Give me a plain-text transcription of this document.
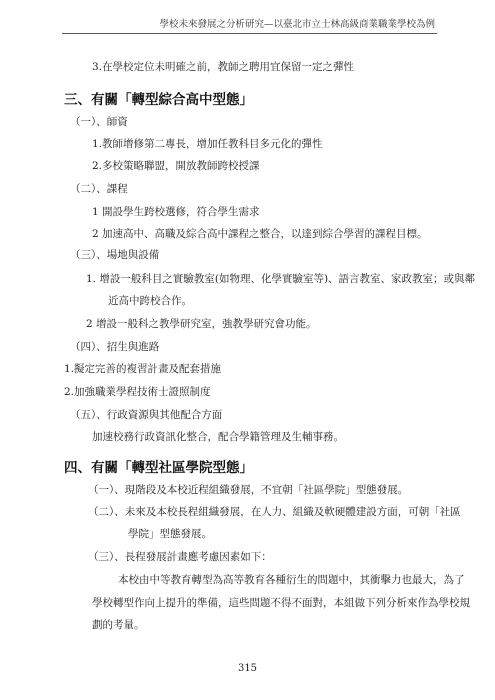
學校未來發展之分析研究—以臺北市立士林高級商業職業學校為例
3.在學校定位未明確之前，教師之聘用宜保留一定之彈性
三、有關「轉型綜合高中型態」
（一）、師資
1.教師增修第二專長，增加任教科目多元化的彈性
2.多校策略聯盟，開放教師跨校授課
（二）、課程
1 開設學生跨校選修，符合學生需求
2 加速高中、高職及綜合高中課程之整合，以達到綜合學習的課程目標。
（三）、場地與設備
1. 增設一般科目之實驗教室(如物理、化學實驗室等)、語言教室、家政教室；或與鄰
近高中跨校合作。
2 增設一般科之教學研究室，強教學研究會功能。
（四）、招生與進路
1.擬定完善的複習計畫及配套措施
2.加強職業學程技術士證照制度
（五）、行政資源與其他配合方面
加速校務行政資訊化整合，配合學籍管理及生輔事務。
四、有關「轉型社區學院型態」
（一）、現階段及本校近程組織發展，不宜朝「社區學院」型態發展。
（二）、未來及本校長程組織發展，在人力、組織及軟硬體建設方面，可朝「社區
學院」型態發展。
（三）、長程發展計畫應考慮因素如下：
本校由中等教育轉型為高等教育各種衍生的問題中，其衝擊力也最大，為了
學校轉型作向上提升的準備，這些問題不得不面對，本組做下列分析來作為學校規
劃的考量。
315
